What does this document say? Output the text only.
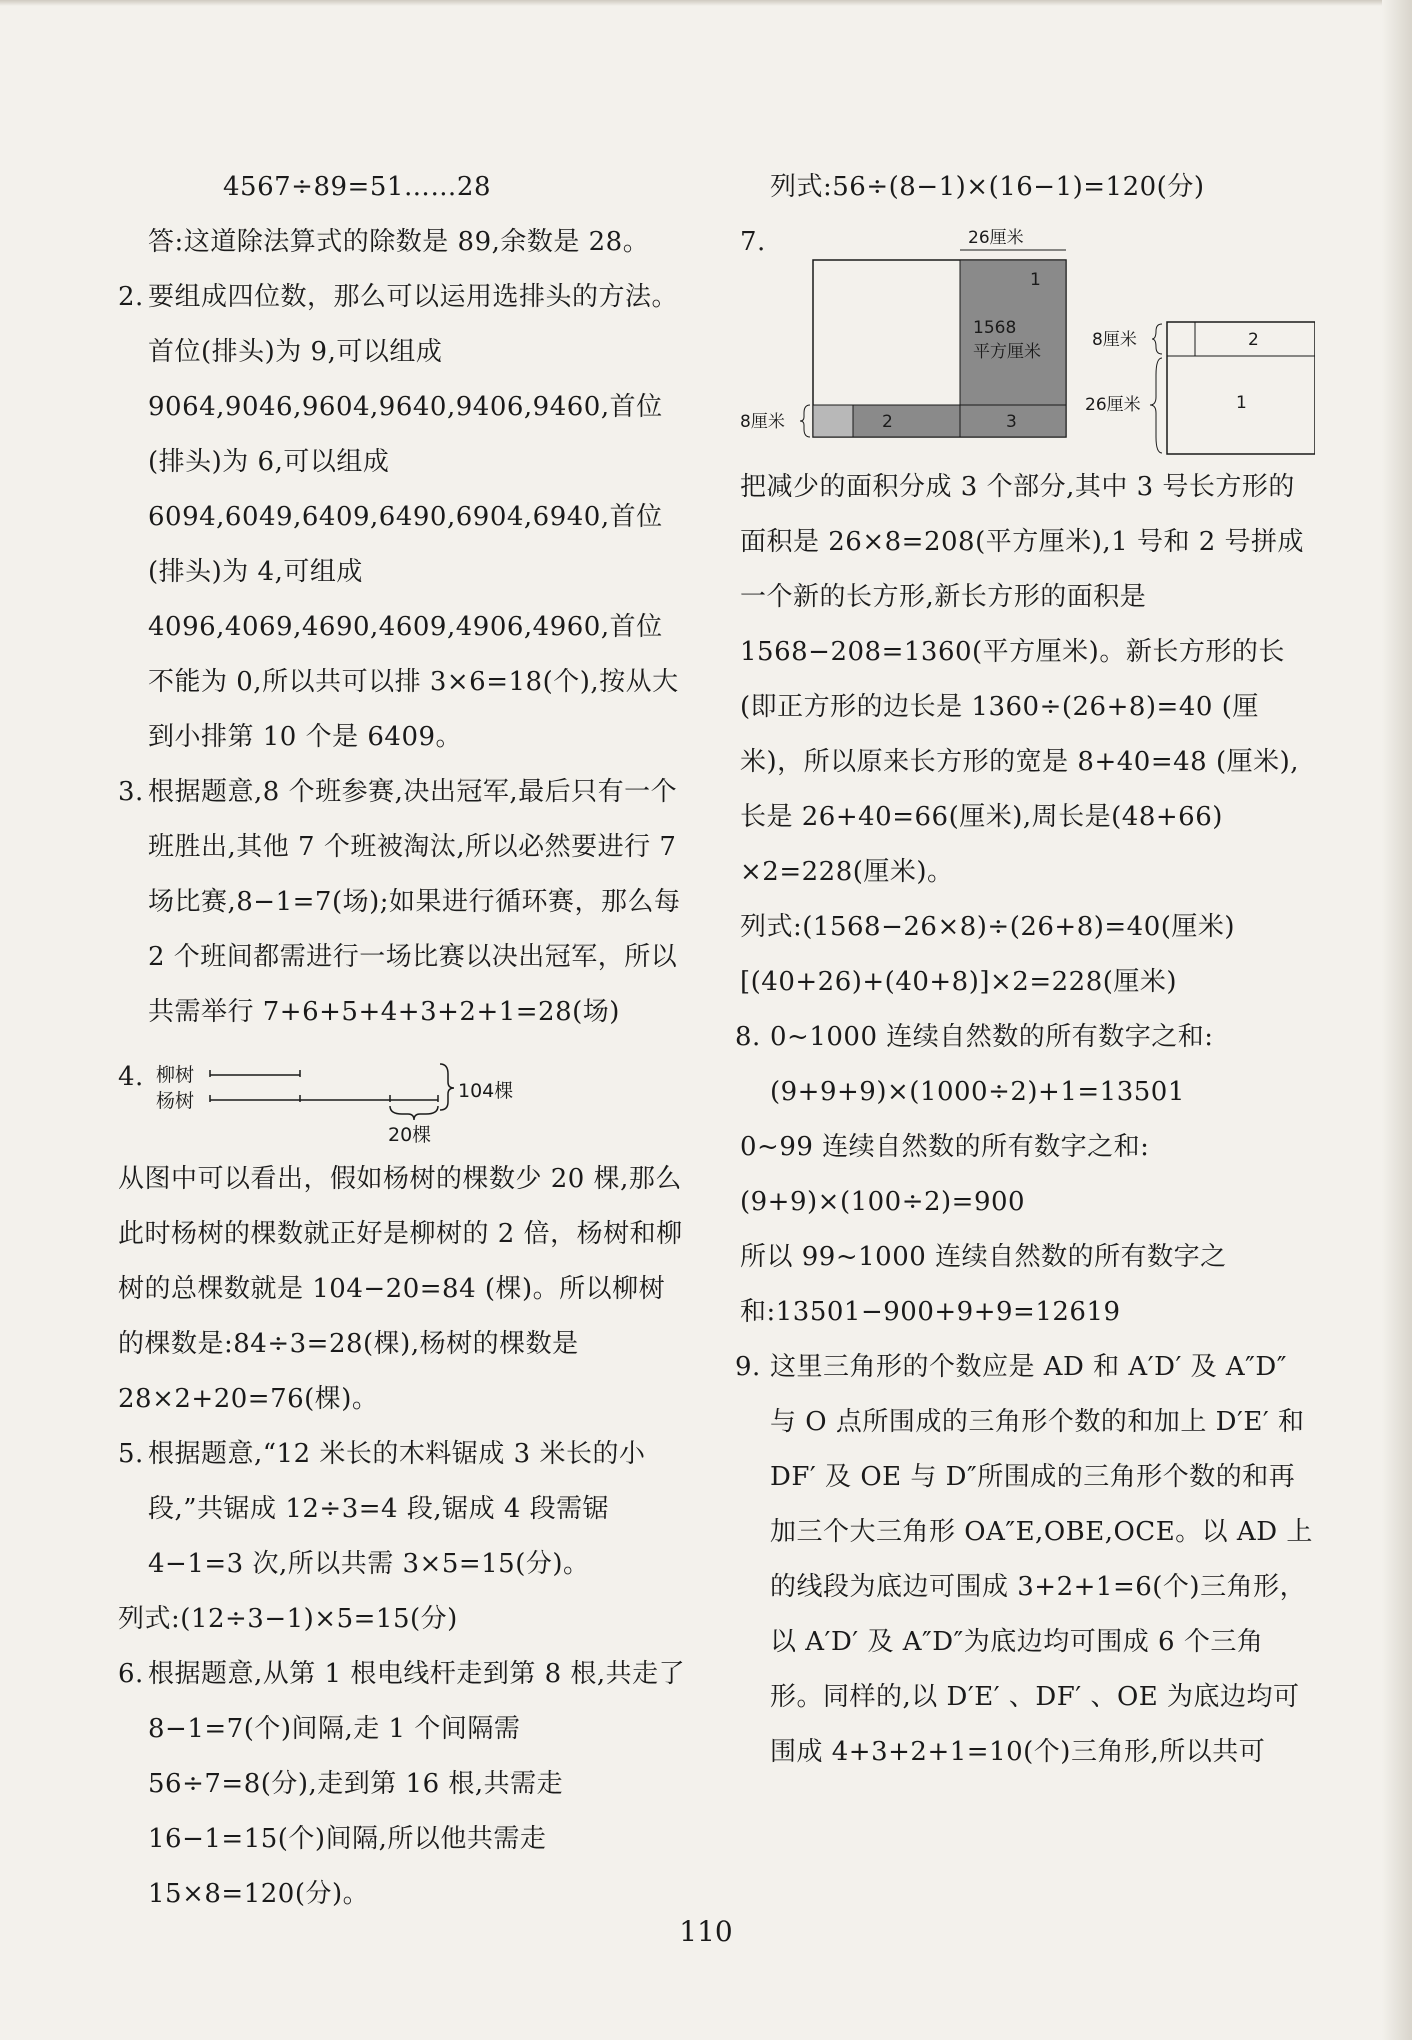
4567÷89=51……28

答:这道除法算式的除数是 89,余数是 28。

2. 要组成四位数，那么可以运用选排头的方法。首位(排头)为 9,可以组成 9064,9046,9604,9640,9406,9460,首位(排头)为 6,可以组成 6094,6049,6409,6490,6904,6940,首位(排头)为 4,可组成 4096,4069,4690,4609,4906,4960,首位不能为 0,所以共可以排 3×6=18(个),按从大到小排第 10 个是 6409。

3. 根据题意,8 个班参赛,决出冠军,最后只有一个班胜出,其他 7 个班被淘汰,所以必然要进行 7 场比赛,8−1=7(场);如果进行循环赛，那么每 2 个班间都需进行一场比赛以决出冠军，所以共需举行 7+6+5+4+3+2+1=28(场)

4. 柳树
杨树	104棵
20棵

从图中可以看出，假如杨树的棵数少 20 棵,那么此时杨树的棵数就正好是柳树的 2 倍，杨树和柳树的总棵数就是 104−20=84 (棵)。所以柳树的棵数是:84÷3=28(棵),杨树的棵数是 28×2+20=76(棵)。

5. 根据题意,“12 米长的木料锯成 3 米长的小段,”共锯成 12÷3=4 段,锯成 4 段需锯 4−1=3 次,所以共需 3×5=15(分)。

列式:(12÷3−1)×5=15(分)

6. 根据题意,从第 1 根电线杆走到第 8 根,共走了 8−1=7(个)间隔,走 1 个间隔需 56÷7=8(分),走到第 16 根,共需走 16−1=15(个)间隔,所以他共需走 15×8=120(分)。

列式:56÷(8−1)×(16−1)=120(分)

7.	26厘米
1
1568
平方厘米
2	3
8厘米
2
1
8厘米
26厘米

把减少的面积分成 3 个部分,其中 3 号长方形的面积是 26×8=208(平方厘米),1 号和 2 号拼成一个新的长方形,新长方形的面积是 1568−208=1360(平方厘米)。新长方形的长(即正方形的边长是 1360÷(26+8)=40 (厘米)，所以原来长方形的宽是 8+40=48 (厘米),长是 26+40=66(厘米),周长是(48+66) ×2=228(厘米)。

列式:(1568−26×8)÷(26+8)=40(厘米)

[(40+26)+(40+8)]×2=228(厘米)

8. 0~1000 连续自然数的所有数字之和:(9+9+9)×(1000÷2)+1=13501

0~99 连续自然数的所有数字之和:(9+9)×(100÷2)=900

所以 99~1000 连续自然数的所有数字之和:13501−900+9+9=12619

9. 这里三角形的个数应是 AD 和 A′D′ 及 A″D″ 与 O 点所围成的三角形个数的和加上 D′E′ 和 DF′ 及 OE 与 D″所围成的三角形个数的和再加三个大三角形 OA″E,OBE,OCE。以 AD 上的线段为底边可围成 3+2+1=6(个)三角形，以 A′D′ 及 A″D″为底边均可围成 6 个三角形。同样的,以 D′E′ 、DF′ 、OE 为底边均可围成 4+3+2+1=10(个)三角形,所以共可

110
